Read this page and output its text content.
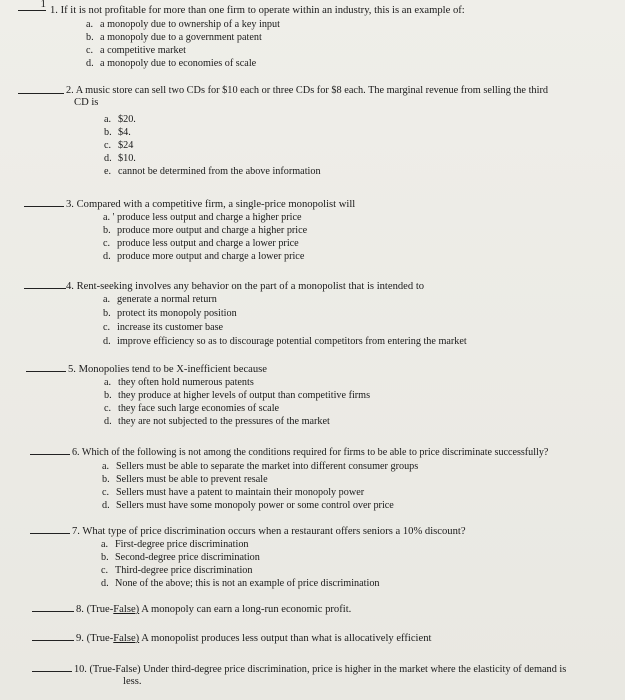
1
1. If it is not profitable for more than one firm to operate within an industry, this is an example of:
a. a monopoly due to ownership of a key input
b. a monopoly due to a government patent
c. a competitive market
d. a monopoly due to economies of scale
2. A music store can sell two CDs for $10 each or three CDs for $8 each. The marginal revenue from selling the third
CD is
a. $20.
b. $4.
c. $24
d. $10.
e. cannot be determined from the above information
3. Compared with a competitive firm, a single-price monopolist will
a. ' produce less output and charge a higher price
b. produce more output and charge a higher price
c. produce less output and charge a lower price
d. produce more output and charge a lower price
4. Rent-seeking involves any behavior on the part of a monopolist that is intended to
a. generate a normal return
b. protect its monopoly position
c. increase its customer base
d. improve efficiency so as to discourage potential competitors from entering the market
5. Monopolies tend to be X-inefficient because
a. they often hold numerous patents
b. they produce at higher levels of output than competitive firms
c. they face such large economies of scale
d. they are not subjected to the pressures of the market
6. Which of the following is not among the conditions required for firms to be able to price discriminate successfully?
a. Sellers must be able to separate the market into different consumer groups
b. Sellers must be able to prevent resale
c. Sellers must have a patent to maintain their monopoly power
d. Sellers must have some monopoly power or some control over price
7. What type of price discrimination occurs when a restaurant offers seniors a 10% discount?
a. First-degree price discrimination
b. Second-degree price discrimination
c. Third-degree price discrimination
d. None of the above; this is not an example of price discrimination
8. (True-False) A monopoly can earn a long-run economic profit.
9. (True-False) A monopolist produces less output than what is allocatively efficient
10. (True-False) Under third-degree price discrimination, price is higher in the market where the elasticity of demand is
less.
